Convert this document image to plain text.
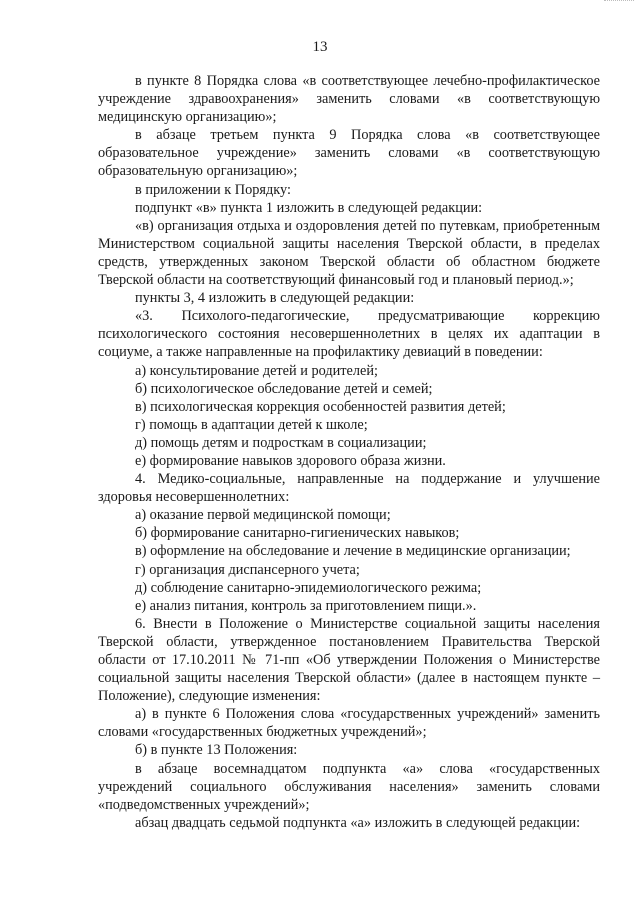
13

в пункте 8 Порядка слова «в соответствующее лечебно-профилактическое учреждение здравоохранения» заменить словами «в соответствующую медицинскую организацию»;

в абзаце третьем пункта 9 Порядка слова «в соответствующее образовательное учреждение» заменить словами «в соответствующую образовательную организацию»;

в приложении к Порядку:

подпункт «в» пункта 1 изложить в следующей редакции:

«в) организация отдыха и оздоровления детей по путевкам, приобретенным Министерством социальной защиты населения Тверской области, в пределах средств, утвержденных законом Тверской области об областном бюджете Тверской области на соответствующий финансовый год и плановый период.»;

пункты 3, 4 изложить в следующей редакции:

«3. Психолого-педагогические, предусматривающие коррекцию психологического состояния несовершеннолетних в целях их адаптации в социуме, а также направленные на профилактику девиаций в поведении:

а) консультирование детей и родителей;

б) психологическое обследование детей и семей;

в) психологическая коррекция особенностей развития детей;

г) помощь в адаптации детей к школе;

д) помощь детям и подросткам в социализации;

е) формирование навыков здорового образа жизни.

4. Медико-социальные, направленные на поддержание и улучшение здоровья несовершеннолетних:

а) оказание первой медицинской помощи;

б) формирование санитарно-гигиенических навыков;

в) оформление на обследование и лечение в медицинские организации;

г) организация диспансерного учета;

д) соблюдение санитарно-эпидемиологического режима;

е) анализ питания, контроль за приготовлением пищи.».

6. Внести в Положение о Министерстве социальной защиты населения Тверской области, утвержденное постановлением Правительства Тверской области от 17.10.2011 № 71-пп «Об утверждении Положения о Министерстве социальной защиты населения Тверской области» (далее в настоящем пункте – Положение), следующие изменения:

а) в пункте 6 Положения слова «государственных учреждений» заменить словами «государственных бюджетных учреждений»;

б) в пункте 13 Положения:

в абзаце восемнадцатом подпункта «а» слова «государственных учреждений социального обслуживания населения» заменить словами «подведомственных учреждений»;

абзац двадцать седьмой подпункта «а» изложить в следующей редакции:
